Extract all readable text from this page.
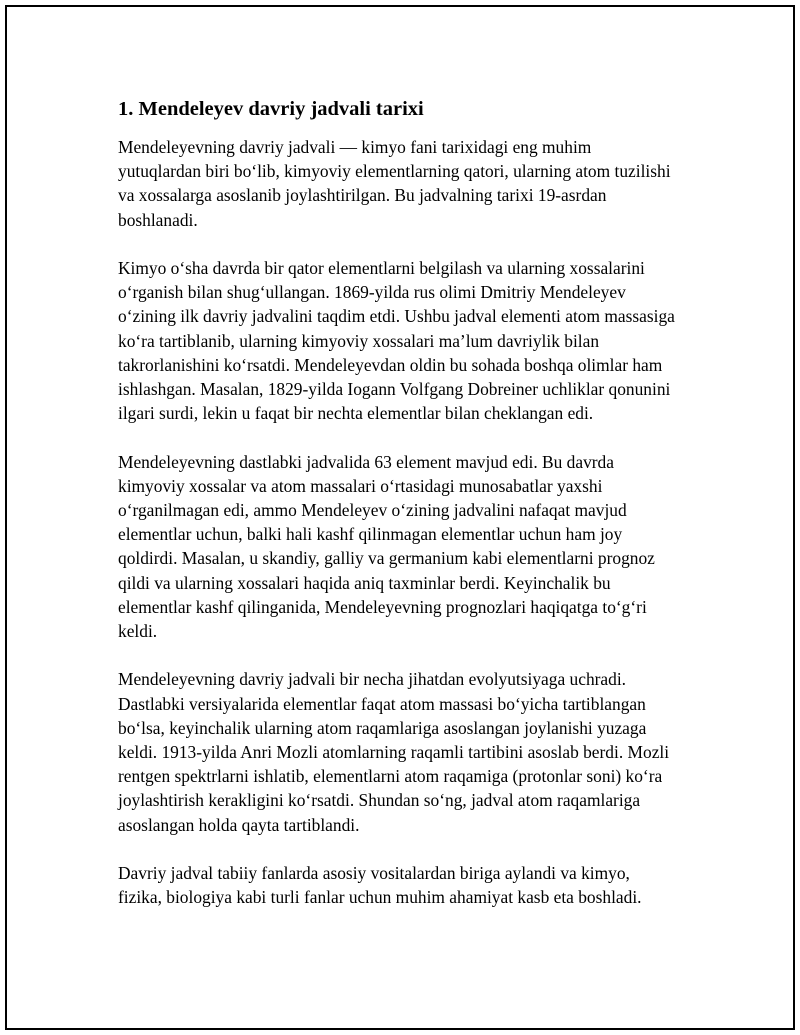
1. Mendeleyev davriy jadvali tarixi

Mendeleyevning davriy jadvali — kimyo fani tarixidagi eng muhim yutuqlardan biri bo‘lib, kimyoviy elementlarning qatori, ularning atom tuzilishi va xossalarga asoslanib joylashtirilgan. Bu jadvalning tarixi 19-asrdan boshlanadi.

Kimyo o‘sha davrda bir qator elementlarni belgilash va ularning xossalarini o‘rganish bilan shug‘ullangan. 1869-yilda rus olimi Dmitriy Mendeleyev o‘zining ilk davriy jadvalini taqdim etdi. Ushbu jadval elementi atom massasiga ko‘ra tartiblanib, ularning kimyoviy xossalari ma’lum davriylik bilan takrorlanishini ko‘rsatdi. Mendeleyevdan oldin bu sohada boshqa olimlar ham ishlashgan. Masalan, 1829-yilda Iogann Volfgang Dobreiner uchliklar qonunini ilgari surdi, lekin u faqat bir nechta elementlar bilan cheklangan edi.

Mendeleyevning dastlabki jadvalida 63 element mavjud edi. Bu davrda kimyoviy xossalar va atom massalari o‘rtasidagi munosabatlar yaxshi o‘rganilmagan edi, ammo Mendeleyev o‘zining jadvalini nafaqat mavjud elementlar uchun, balki hali kashf qilinmagan elementlar uchun ham joy qoldirdi. Masalan, u skandiy, galliy va germanium kabi elementlarni prognoz qildi va ularning xossalari haqida aniq taxminlar berdi. Keyinchalik bu elementlar kashf qilinganida, Mendeleyevning prognozlari haqiqatga to‘g‘ri keldi.

Mendeleyevning davriy jadvali bir necha jihatdan evolyutsiyaga uchradi. Dastlabki versiyalarida elementlar faqat atom massasi bo‘yicha tartiblangan bo‘lsa, keyinchalik ularning atom raqamlariga asoslangan joylanishi yuzaga keldi. 1913-yilda Anri Mozli atomlarning raqamli tartibini asoslab berdi. Mozli rentgen spektrlarni ishlatib, elementlarni atom raqamiga (protonlar soni) ko‘ra joylashtirish kerakligini ko‘rsatdi. Shundan so‘ng, jadval atom raqamlariga asoslangan holda qayta tartiblandi.

Davriy jadval tabiiy fanlarda asosiy vositalardan biriga aylandi va kimyo, fizika, biologiya kabi turli fanlar uchun muhim ahamiyat kasb eta boshladi.
